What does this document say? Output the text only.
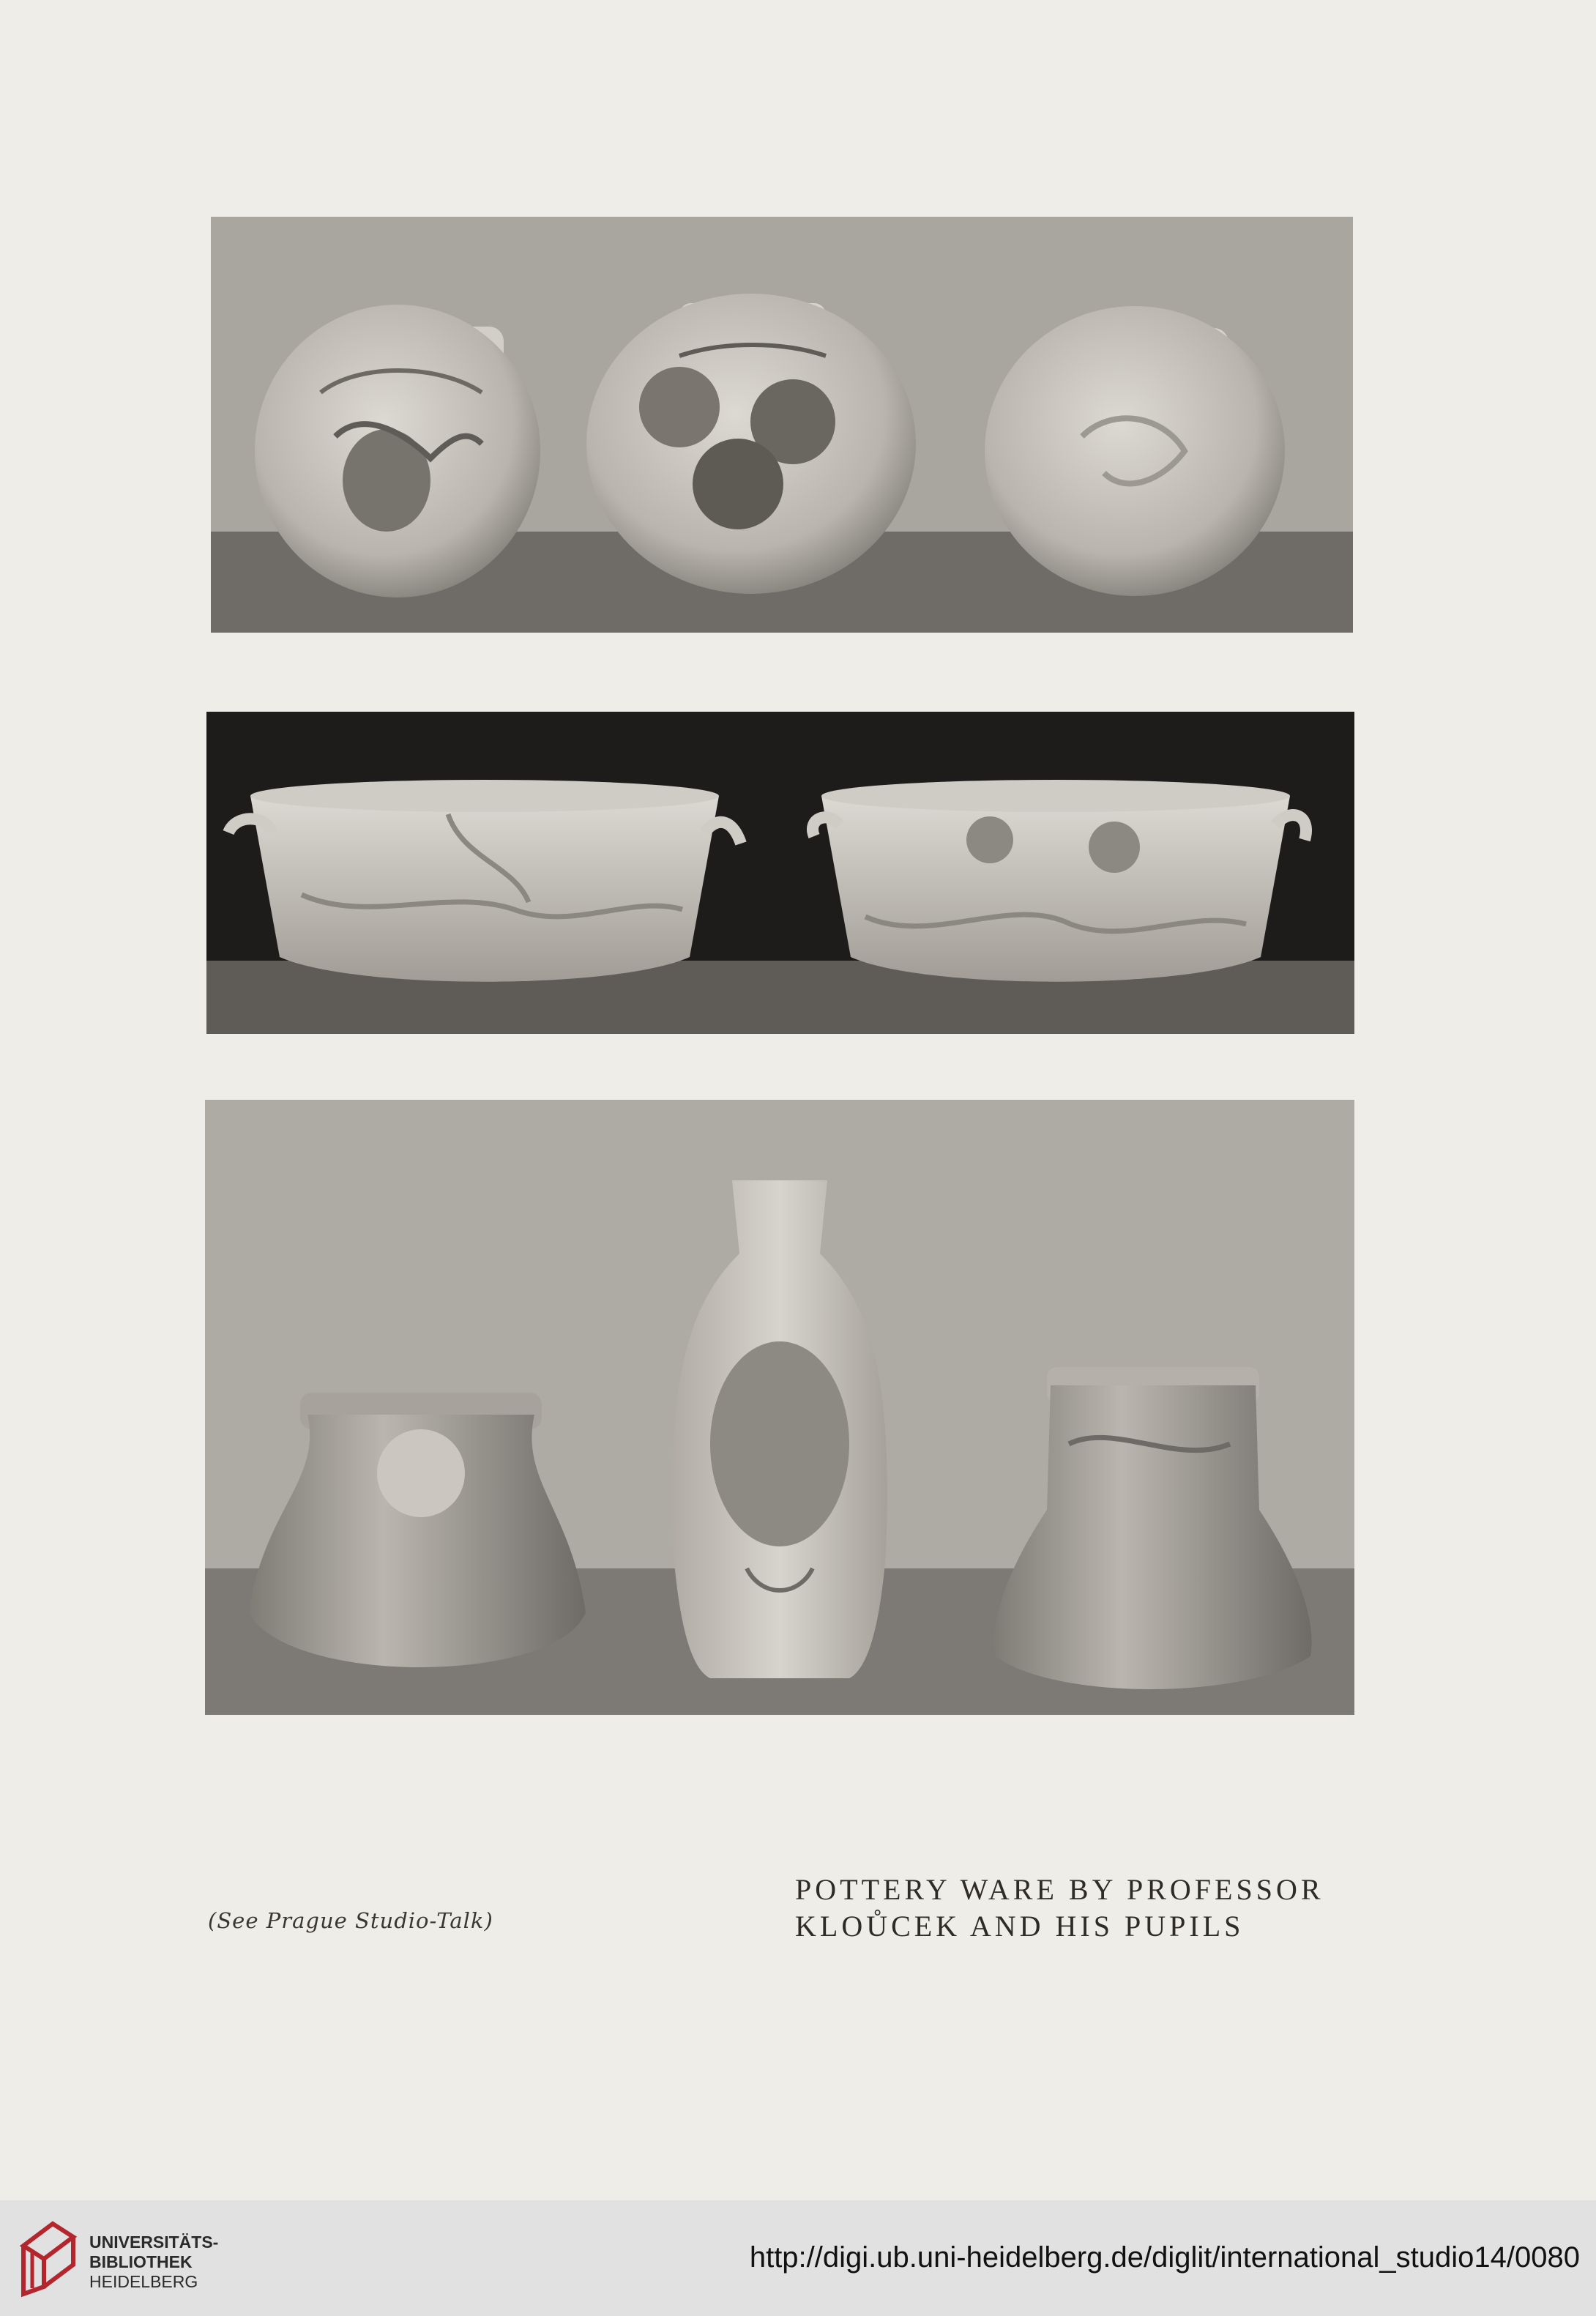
(See Prague Studio-Talk)
POTTERY WARE BY PROFESSOR
KLOŮCEK AND HIS PUPILS
UNIVERSITÄTS-
BIBLIOTHEK
HEIDELBERG
http://digi.ub.uni-heidelberg.de/diglit/international_studio14/0080
